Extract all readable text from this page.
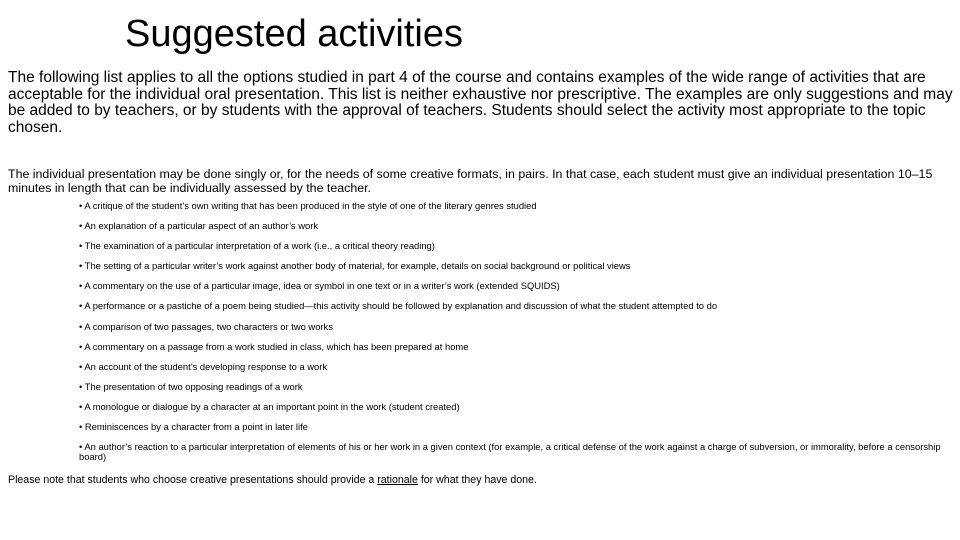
Suggested activities

The following list applies to all the options studied in part 4 of the course and contains examples of the wide range of activities that are acceptable for the individual oral presentation. This list is neither exhaustive nor prescriptive. The examples are only suggestions and may be added to by teachers, or by students with the approval of teachers. Students should select the activity most appropriate to the topic chosen.

The individual presentation may be done singly or, for the needs of some creative formats, in pairs. In that case, each student must give an individual presentation 10–15 minutes in length that can be individually assessed by the teacher.

• A critique of the student’s own writing that has been produced in the style of one of the literary genres studied
• An explanation of a particular aspect of an author’s work
• The examination of a particular interpretation of a work (i.e., a critical theory reading)
• The setting of a particular writer’s work against another body of material, for example, details on social background or political views
• A commentary on the use of a particular image, idea or symbol in one text or in a writer’s work (extended SQUIDS)
• A performance or a pastiche of a poem being studied—this activity should be followed by explanation and discussion of what the student attempted to do
• A comparison of two passages, two characters or two works
• A commentary on a passage from a work studied in class, which has been prepared at home
• An account of the student’s developing response to a work
• The presentation of two opposing readings of a work
• A monologue or dialogue by a character at an important point in the work (student created)
• Reminiscences by a character from a point in later life
• An author’s reaction to a particular interpretation of elements of his or her work in a given context (for example, a critical defense of the work against a charge of subversion, or immorality, before a censorship board)

Please note that students who choose creative presentations should provide a rationale for what they have done.
